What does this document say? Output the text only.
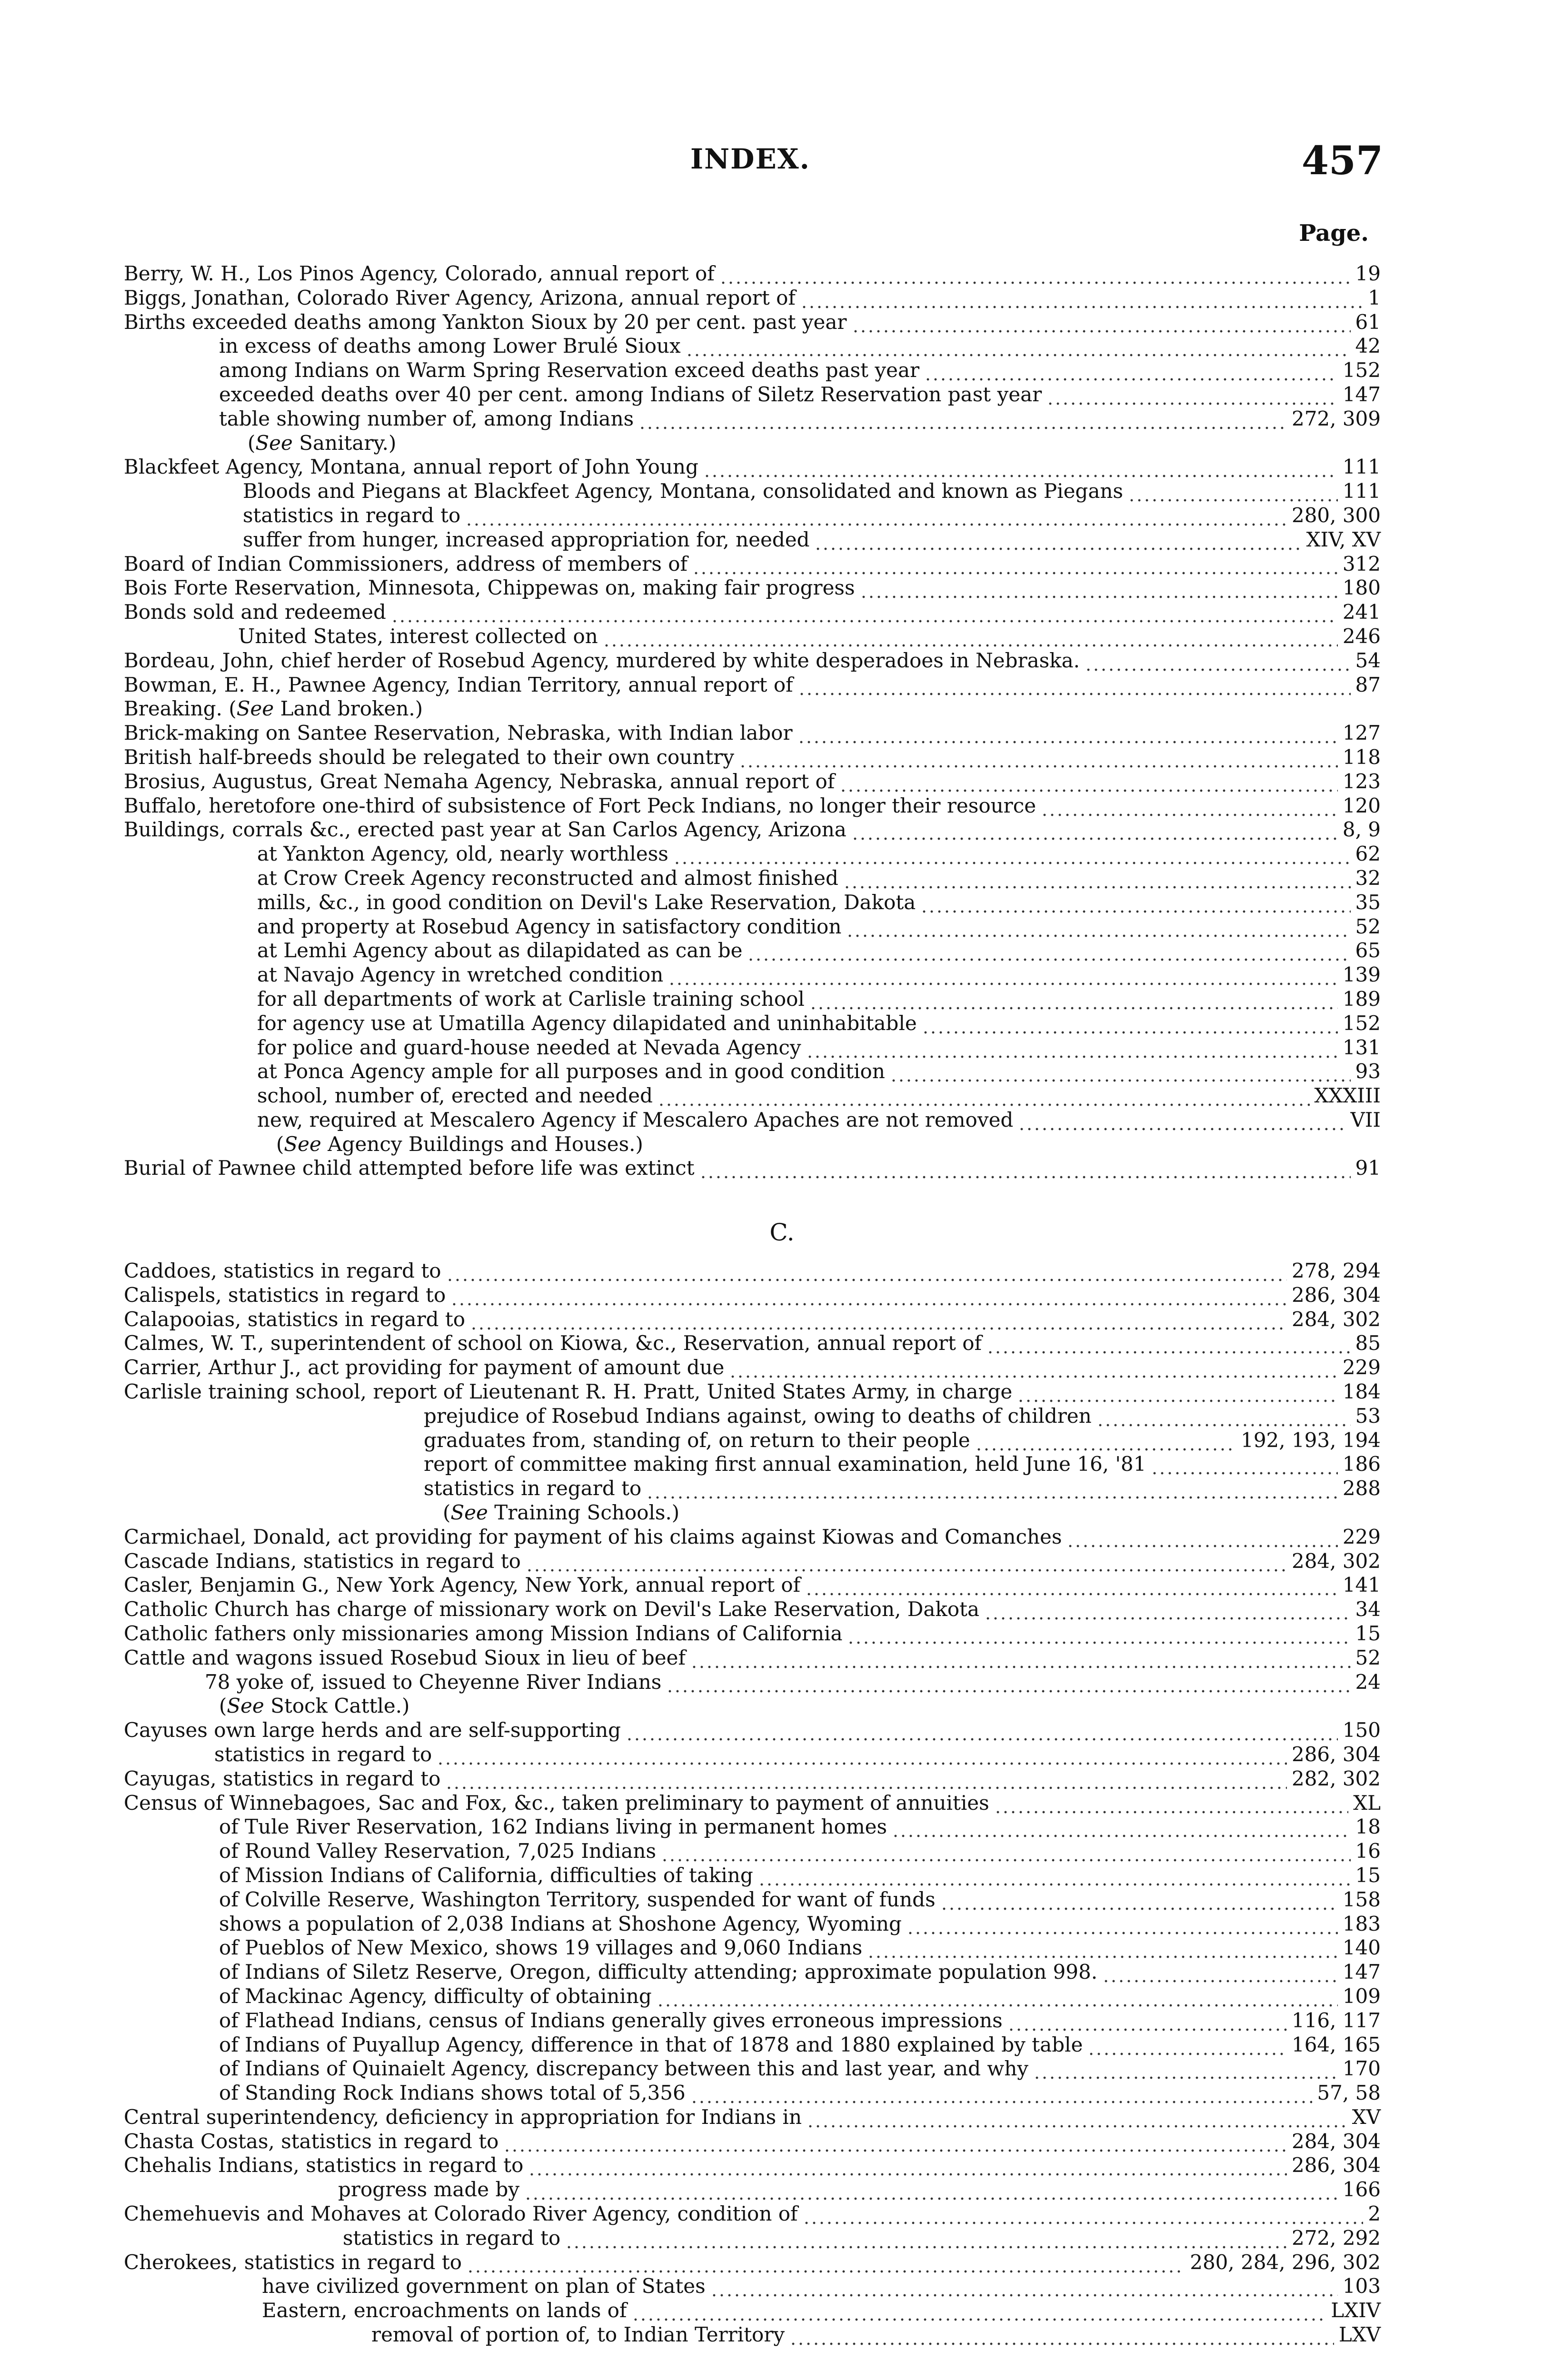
INDEX.	457
Page.
Berry, W. H., Los Pinos Agency, Colorado, annual report of	19
Biggs, Jonathan, Colorado River Agency, Arizona, annual report of	1
Births exceeded deaths among Yankton Sioux by 20 per cent. past year	61
in excess of deaths among Lower Brulé Sioux	42
among Indians on Warm Spring Reservation exceed deaths past year	152
exceeded deaths over 40 per cent. among Indians of Siletz Reservation past year	147
table showing number of, among Indians	272, 309
(See Sanitary.)
Blackfeet Agency, Montana, annual report of John Young	111
Bloods and Piegans at Blackfeet Agency, Montana, consolidated and known as Piegans	111
statistics in regard to	280, 300
suffer from hunger, increased appropriation for, needed	XIV, XV
Board of Indian Commissioners, address of members of	312
Bois Forte Reservation, Minnesota, Chippewas on, making fair progress	180
Bonds sold and redeemed	241
United States, interest collected on	246
Bordeau, John, chief herder of Rosebud Agency, murdered by white desperadoes in Nebraska.	54
Bowman, E. H., Pawnee Agency, Indian Territory, annual report of	87
Breaking. (See Land broken.)
Brick-making on Santee Reservation, Nebraska, with Indian labor	127
British half-breeds should be relegated to their own country	118
Brosius, Augustus, Great Nemaha Agency, Nebraska, annual report of	123
Buffalo, heretofore one-third of subsistence of Fort Peck Indians, no longer their resource	120
Buildings, corrals &c., erected past year at San Carlos Agency, Arizona	8, 9
at Yankton Agency, old, nearly worthless	62
at Crow Creek Agency reconstructed and almost finished	32
mills, &c., in good condition on Devil's Lake Reservation, Dakota	35
and property at Rosebud Agency in satisfactory condition	52
at Lemhi Agency about as dilapidated as can be	65
at Navajo Agency in wretched condition	139
for all departments of work at Carlisle training school	189
for agency use at Umatilla Agency dilapidated and uninhabitable	152
for police and guard-house needed at Nevada Agency	131
at Ponca Agency ample for all purposes and in good condition	93
school, number of, erected and needed	XXXIII
new, required at Mescalero Agency if Mescalero Apaches are not removed	VII
(See Agency Buildings and Houses.)
Burial of Pawnee child attempted before life was extinct	91
C.
Caddoes, statistics in regard to	278, 294
Calispels, statistics in regard to	286, 304
Calapooias, statistics in regard to	284, 302
Calmes, W. T., superintendent of school on Kiowa, &c., Reservation, annual report of	85
Carrier, Arthur J., act providing for payment of amount due	229
Carlisle training school, report of Lieutenant R. H. Pratt, United States Army, in charge	184
prejudice of Rosebud Indians against, owing to deaths of children	53
graduates from, standing of, on return to their people	192, 193, 194
report of committee making first annual examination, held June 16, '81	186
statistics in regard to	288
(See Training Schools.)
Carmichael, Donald, act providing for payment of his claims against Kiowas and Comanches	229
Cascade Indians, statistics in regard to	284, 302
Casler, Benjamin G., New York Agency, New York, annual report of	141
Catholic Church has charge of missionary work on Devil's Lake Reservation, Dakota	34
Catholic fathers only missionaries among Mission Indians of California	15
Cattle and wagons issued Rosebud Sioux in lieu of beef	52
78 yoke of, issued to Cheyenne River Indians	24
(See Stock Cattle.)
Cayuses own large herds and are self-supporting	150
statistics in regard to	286, 304
Cayugas, statistics in regard to	282, 302
Census of Winnebagoes, Sac and Fox, &c., taken preliminary to payment of annuities	XL
of Tule River Reservation, 162 Indians living in permanent homes	18
of Round Valley Reservation, 7,025 Indians	16
of Mission Indians of California, difficulties of taking	15
of Colville Reserve, Washington Territory, suspended for want of funds	158
shows a population of 2,038 Indians at Shoshone Agency, Wyoming	183
of Pueblos of New Mexico, shows 19 villages and 9,060 Indians	140
of Indians of Siletz Reserve, Oregon, difficulty attending; approximate population 998.	147
of Mackinac Agency, difficulty of obtaining	109
of Flathead Indians, census of Indians generally gives erroneous impressions	116, 117
of Indians of Puyallup Agency, difference in that of 1878 and 1880 explained by table	164, 165
of Indians of Quinaielt Agency, discrepancy between this and last year, and why	170
of Standing Rock Indians shows total of 5,356	57, 58
Central superintendency, deficiency in appropriation for Indians in	XV
Chasta Costas, statistics in regard to	284, 304
Chehalis Indians, statistics in regard to	286, 304
progress made by	166
Chemehuevis and Mohaves at Colorado River Agency, condition of	2
statistics in regard to	272, 292
Cherokees, statistics in regard to	280, 284, 296, 302
have civilized government on plan of States	103
Eastern, encroachments on lands of	LXIV
removal of portion of, to Indian Territory	LXV
